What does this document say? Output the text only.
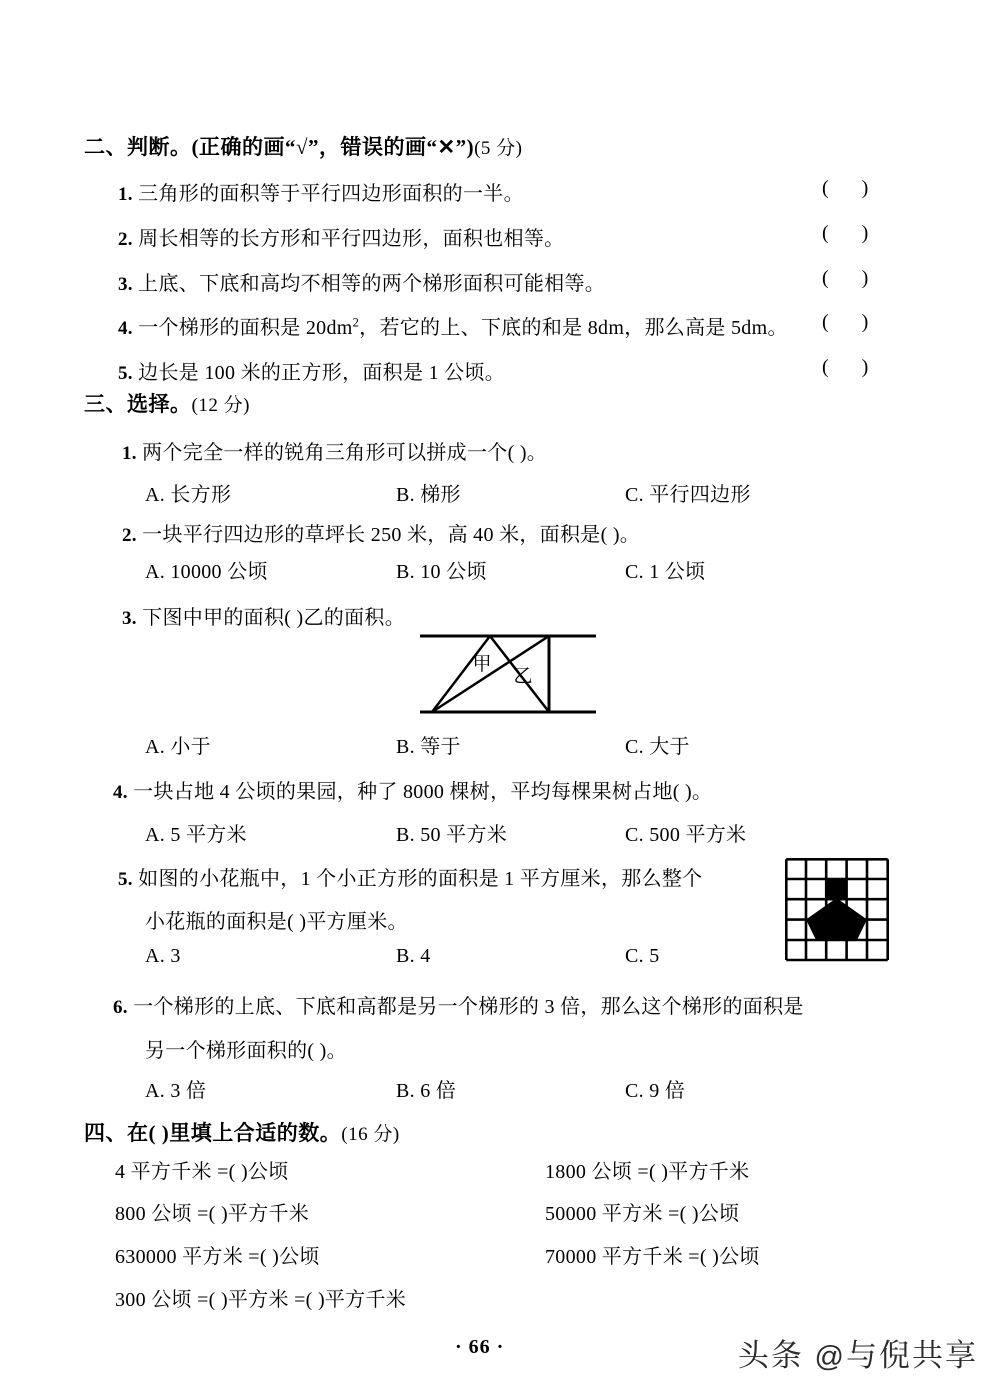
二、判断。(正确的画“√”，错误的画“✕”)(5 分)
1. 三角形的面积等于平行四边形面积的一半。	( )
2. 周长相等的长方形和平行四边形，面积也相等。	( )
3. 上底、下底和高均不相等的两个梯形面积可能相等。	( )
4. 一个梯形的面积是 $20dm^2$，若它的上、下底的和是 8dm，那么高是 5dm。 ( )
5. 边长是 100 米的正方形，面积是 1 公顷。	( )
三、选择。(12 分)
1. 两个完全一样的锐角三角形可以拼成一个( )。
A. 长方形	B. 梯形	C. 平行四边形
2. 一块平行四边形的草坪长 250 米，高 40 米，面积是( )。
A. 10000 公顷	B. 10 公顷	C. 1 公顷
3. 下图中甲的面积( )乙的面积。
甲
乙
A. 小于	B. 等于	C. 大于
4. 一块占地 4 公顷的果园，种了 8000 棵树，平均每棵果树占地( )。
A. 5 平方米	B. 50 平方米	C. 500 平方米
5. 如图的小花瓶中，1 个小正方形的面积是 1 平方厘米，那么整个
小花瓶的面积是( )平方厘米。
A. 3	B. 4	C. 5
6. 一个梯形的上底、下底和高都是另一个梯形的 3 倍，那么这个梯形的面积是
另一个梯形面积的( )。
A. 3 倍	B. 6 倍	C. 9 倍
四、在( )里填上合适的数。(16 分)
4 平方千米 =( )公顷	1800 公顷 =( )平方千米
800 公顷 =( )平方千米	50000 平方米 =( )公顷
630000 平方米 =( )公顷	70000 平方千米 =( )公顷
300 公顷 =( )平方米 =( )平方千米
· 66 ·	头条 @与倪共享
